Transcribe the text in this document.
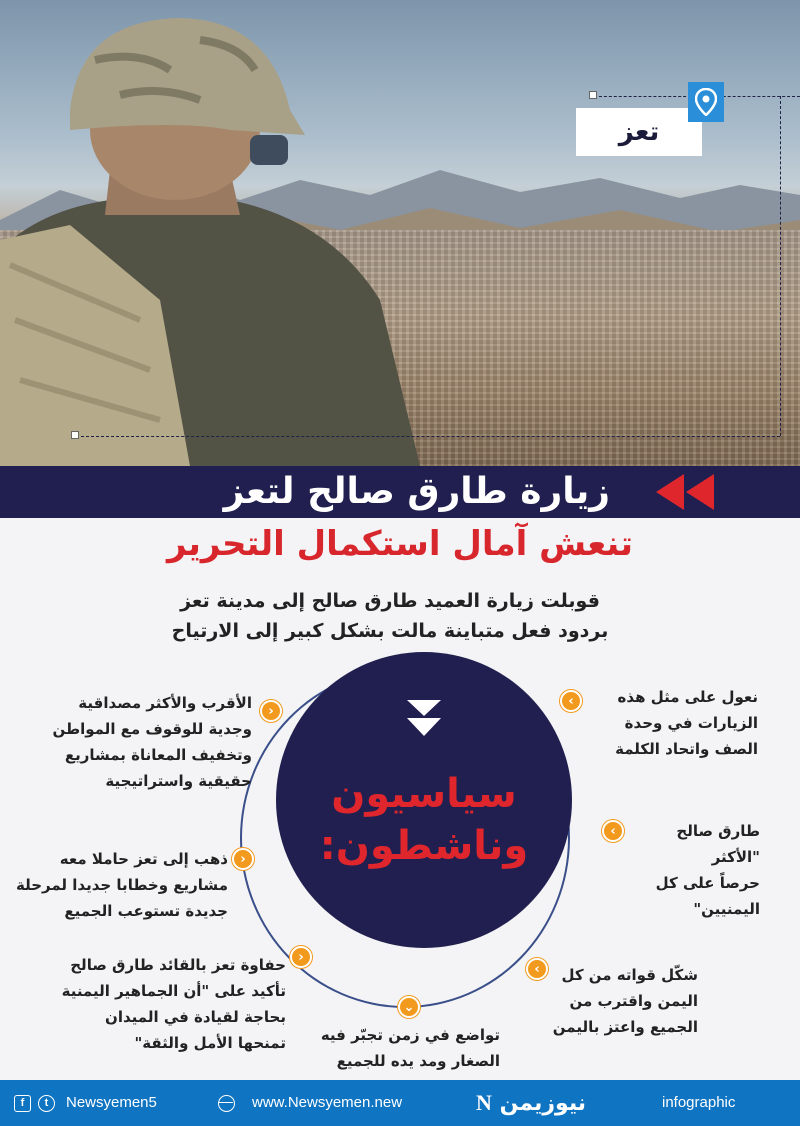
تعز
زيارة طارق صالح لتعز
تنعش آمال استكمال التحرير
قوبلت زيارة العميد طارق صالح إلى مدينة تعز
بردود فعل متباينة مالت بشكل كبير إلى الارتياح
سياسيون
وناشطون:
‹	نعول على مثل هذه
الزيارات في وحدة
الصف واتحاد الكلمة
‹	طارق صالح "الأكثر
حرصاً على كل
اليمنيين"
‹	شكّل قواته من كل
اليمن واقترب من
الجميع واعتز باليمن
›
الأقرب والأكثر مصداقية
وجدية للوقوف مع المواطن
وتخفيف المعاناة بمشاريع
حقيقية واستراتيجية
›
ذهب إلى تعز حاملا معه
مشاريع وخطابا جديدا لمرحلة
جديدة تستوعب الجميع
›
حفاوة تعز بالقائد طارق صالح
تأكيد على "أن الجماهير اليمنية
بحاجة لقيادة في الميدان
تمنحها الأمل والثقة"
⌄
تواضع في زمن تجبّر فيه
الصغار ومد يده للجميع
f	t	Newsyemen5	www.Newsyemen.new	نيوزيمن N	infographic
